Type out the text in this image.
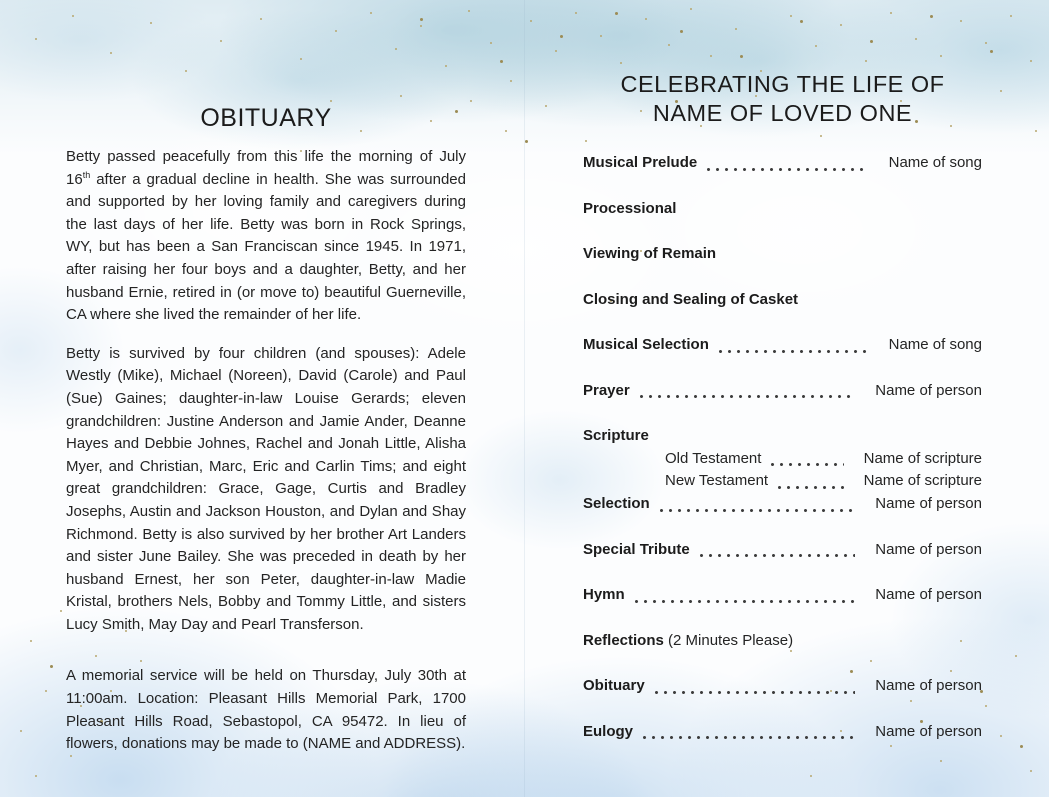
OBITUARY

Betty passed peacefully from this life the morning of July 16th after a gradual decline in health. She was surrounded and supported by her loving family and caregivers during the last days of her life. Betty was born in Rock Springs, WY, but has been a San Franciscan since 1945. In 1971, after raising her four boys and a daughter, Betty, and her husband Ernie, retired in (or move to) beautiful Guerneville, CA where she lived the remainder of her life.

Betty is survived by four children (and spouses): Adele Westly (Mike), Michael (Noreen), David (Carole) and Paul (Sue) Gaines; daughter-in-law Louise Gerards; eleven grandchildren: Justine Anderson and Jamie Ander, Deanne Hayes and Debbie Johnes, Rachel and Jonah Little, Alisha Myer, and Christian, Marc, Eric and Carlin Tims; and eight great grandchildren: Grace, Gage, Curtis and Bradley Josephs, Austin and Jackson Houston, and Dylan and Shay Richmond. Betty is also survived by her brother Art Landers and sister June Bailey. She was preceded in death by her husband Ernest, her son Peter, daughter-in-law Madie Kristal, brothers Nels, Bobby and Tommy Little, and sisters Lucy Smith, May Day and Pearl Transferson.

A memorial service will be held on Thursday, July 30th at 11:00am. Location: Pleasant Hills Memorial Park, 1700 Pleasant Hills Road, Sebastopol, CA 95472. In lieu of flowers, donations may be made to (NAME and ADDRESS).

CELEBRATING THE LIFE OF
NAME OF LOVED ONE
Musical Prelude	Name of song
Processional
Viewing of Remain
Closing and Sealing of Casket
Musical Selection	Name of song
Prayer	Name of person
Scripture
Old Testament	Name of scripture
New Testament	Name of scripture
Selection	Name of person
Special Tribute	Name of person
Hymn	Name of person
Reflections (2 Minutes Please)
Obituary	Name of person
Eulogy	Name of person
